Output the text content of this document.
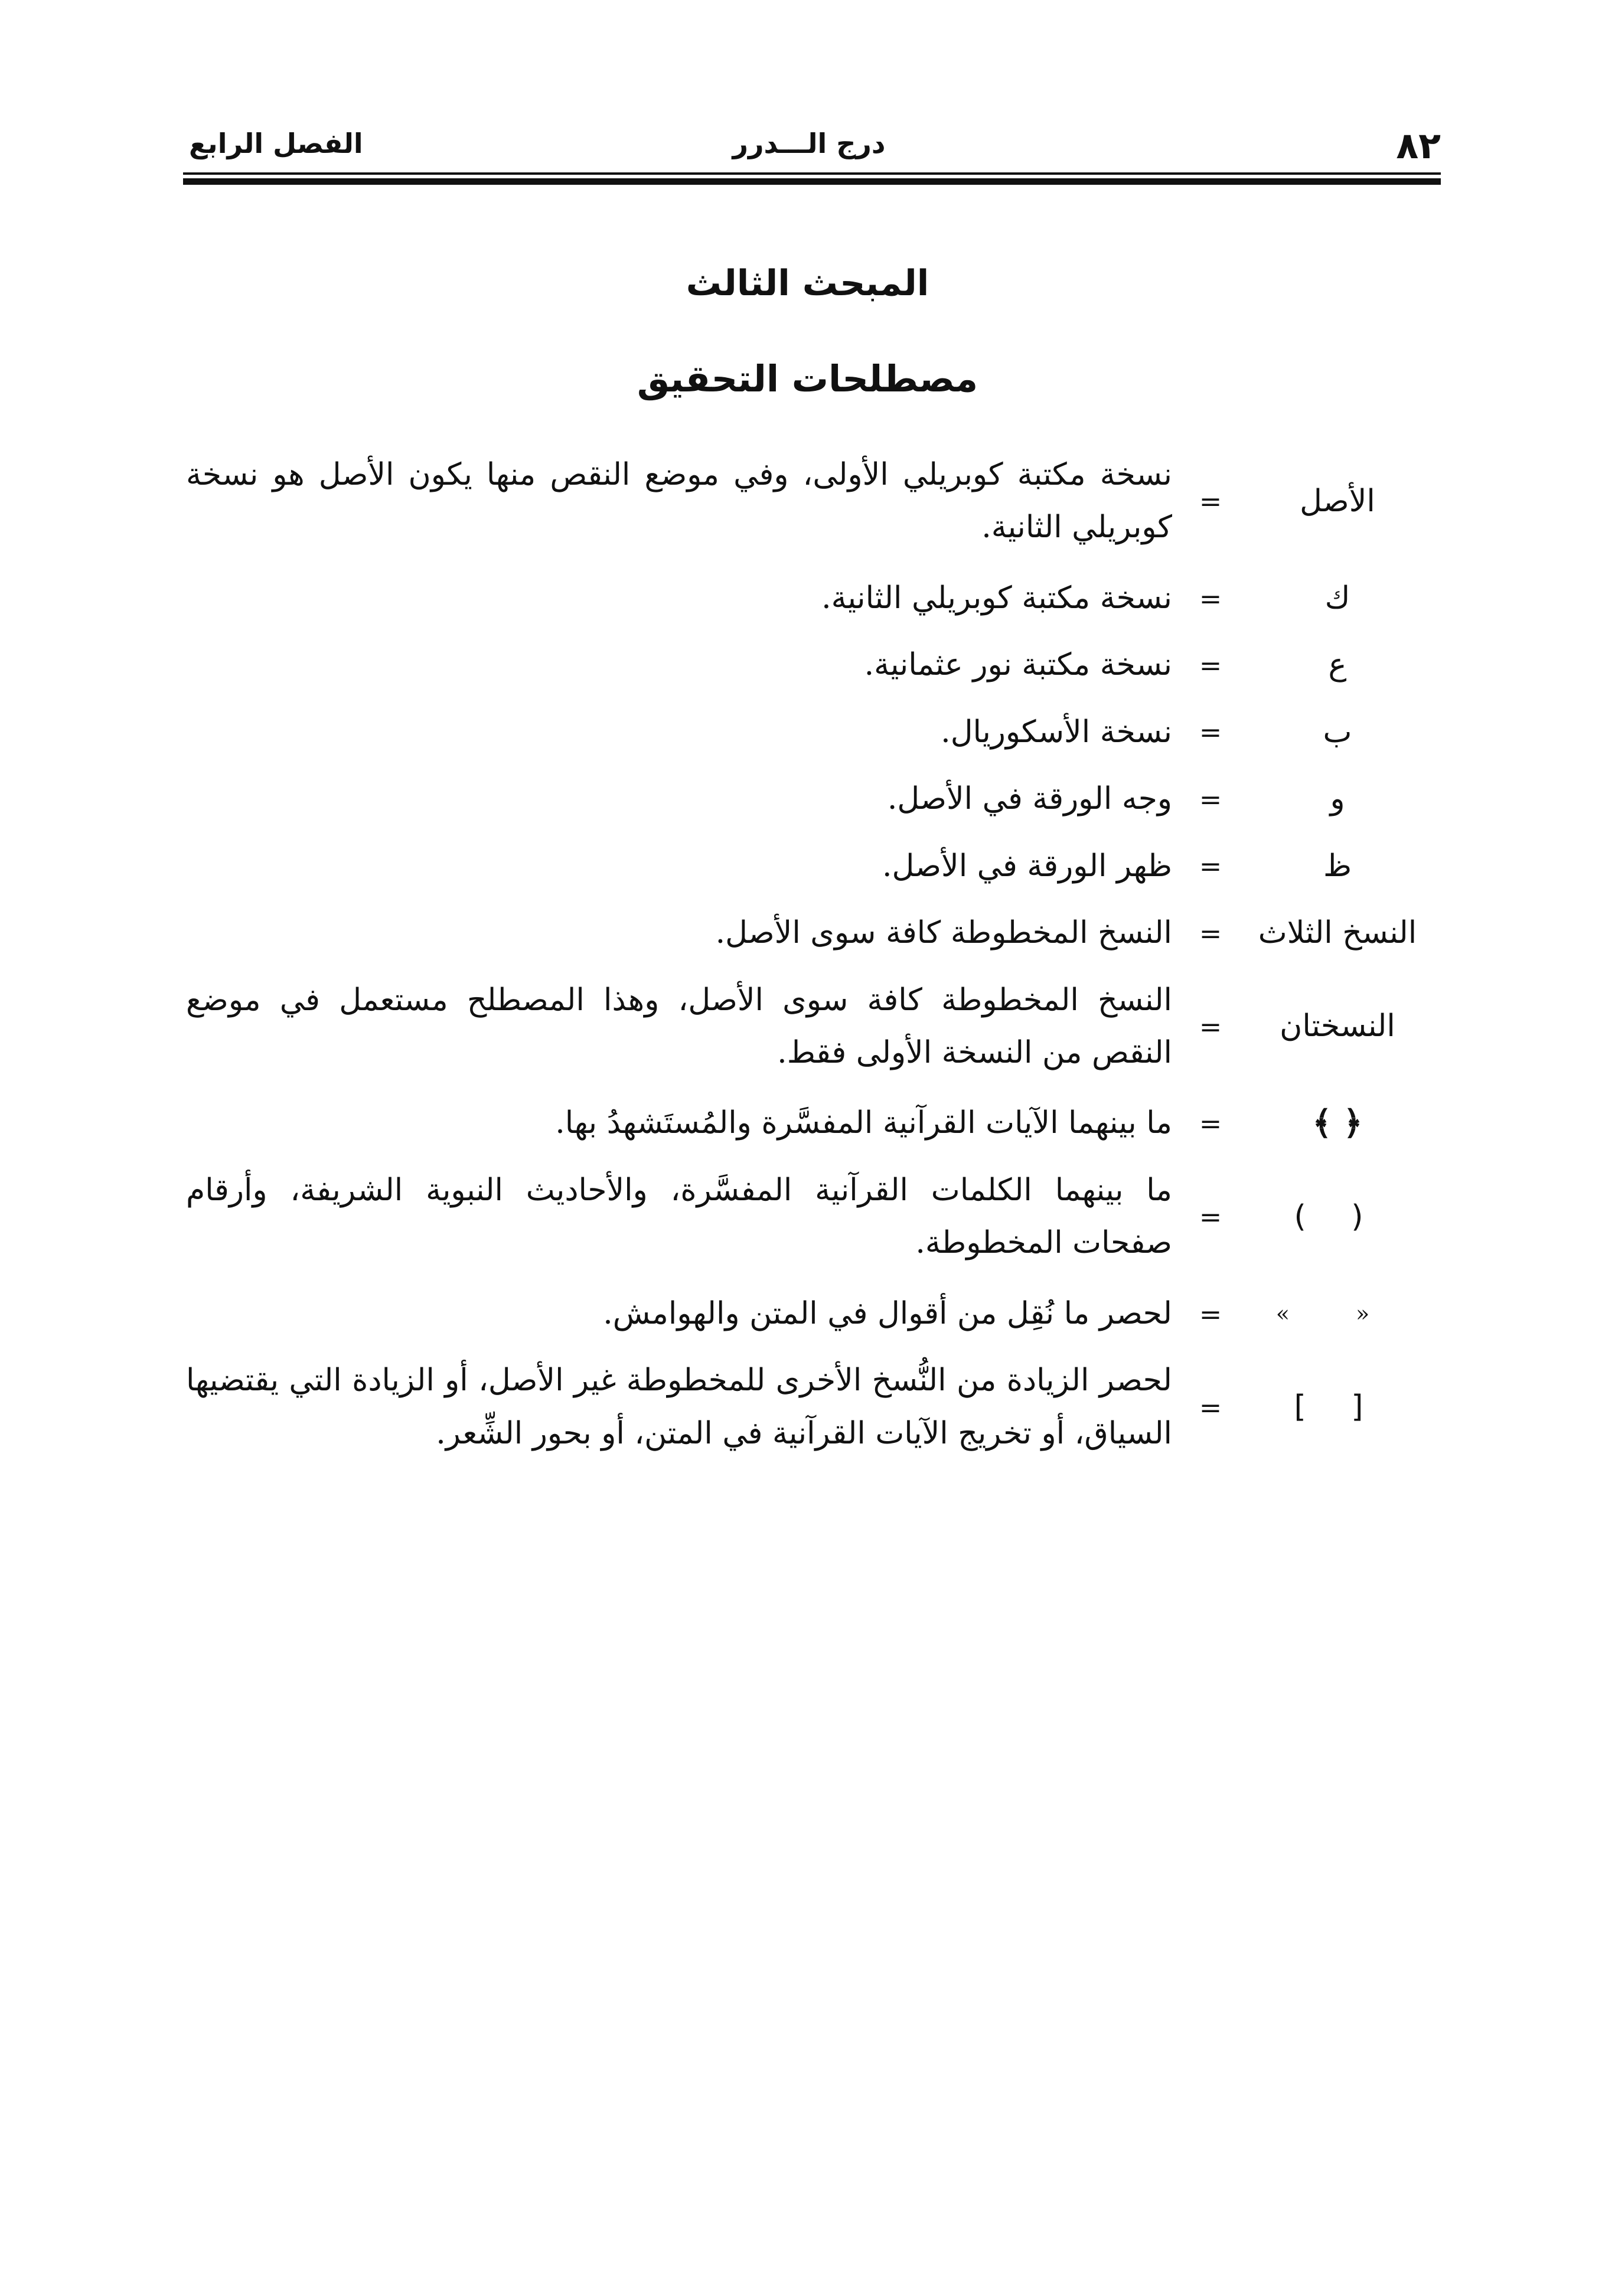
٨٢
درج الـــدرر
الفصل الرابع
المبحث الثالث
مصطلحات التحقيق
الأصل
=
نسخة مكتبة كوبريلي الأولى، وفي موضع النقص منها يكون الأصل هو نسخة كوبريلي الثانية.
ك
=
نسخة مكتبة كوبريلي الثانية.
ع
=
نسخة مكتبة نور عثمانية.
ب
=
نسخة الأسكوريال.
و
=
وجه الورقة في الأصل.
ظ
=
ظهر الورقة في الأصل.
النسخ الثلاث
=
النسخ المخطوطة كافة سوى الأصل.
النسختان
=
النسخ المخطوطة كافة سوى الأصل، وهذا المصطلح مستعمل في موضع النقص من النسخة الأولى فقط.
﴿ ﴾
=
ما بينهما الآيات القرآنية المفسَّرة والمُستَشهدُ بها.
( )
=
ما بينهما الكلمات القرآنية المفسَّرة، والأحاديث النبوية الشريفة، وأرقام صفحات المخطوطة.
« »
=
لحصر ما نُقِل من أقوال في المتن والهوامش.
[ ]
=
لحصر الزيادة من النُّسخ الأخرى للمخطوطة غير الأصل، أو الزيادة التي يقتضيها السياق، أو تخريج الآيات القرآنية في المتن، أو بحور الشِّعر.
